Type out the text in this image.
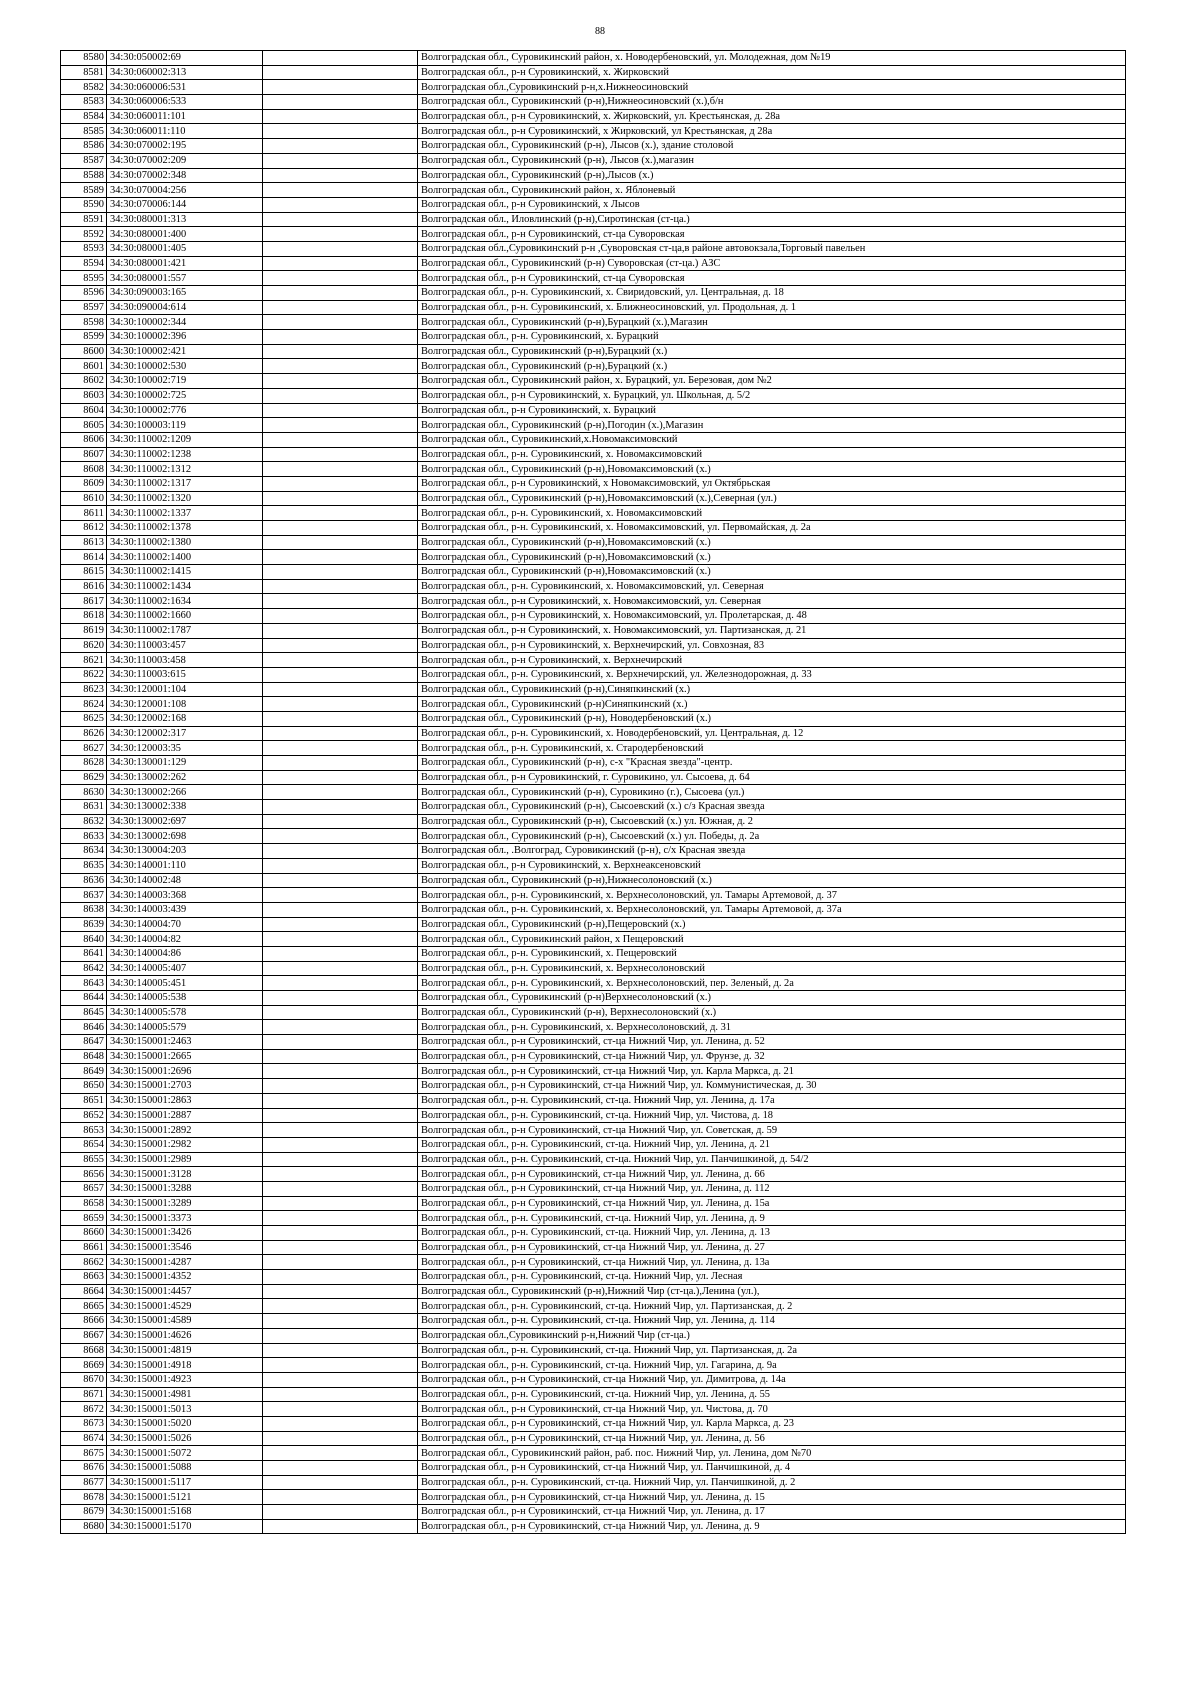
88
8580	34:30:050002:69		Волгоградская обл., Суровикинский район, х. Новодербеновский, ул. Молодежная, дом №19
8581	34:30:060002:313		Волгоградская обл., р-н Суровикинский, х. Жирковский
8582	34:30:060006:531		Волгоградская обл.,Суровикинский р-н,х.Нижнеосиновский
8583	34:30:060006:533		Волгоградская обл., Суровикинский (р-н),Нижнеосиновский (х.),б/н
8584	34:30:060011:101		Волгоградская обл., р-н Суровикинский, х. Жирковский, ул. Крестьянская, д. 28а
8585	34:30:060011:110		Волгоградская обл., р-н Суровикинский, х Жирковский, ул Крестьянская, д 28а
8586	34:30:070002:195		Волгоградская обл., Суровикинский (р-н), Лысов (х.), здание столовой
8587	34:30:070002:209		Волгоградская обл., Суровикинский (р-н), Лысов (х.),магазин
8588	34:30:070002:348		Волгоградская обл., Суровикинский (р-н),Лысов (х.)
8589	34:30:070004:256		Волгоградская обл., Суровикинский район, х. Яблоневый
8590	34:30:070006:144		Волгоградская обл., р-н Суровикинский, х Лысов
8591	34:30:080001:313		Волгоградская обл., Иловлинский (р-н),Сиротинская (ст-ца.)
8592	34:30:080001:400		Волгоградская обл., р-н Суровикинский, ст-ца Суворовская
8593	34:30:080001:405		Волгоградская обл.,Суровикинский р-н ,Суворовская ст-ца,в районе автовокзала,Торговый павельен
8594	34:30:080001:421		Волгоградская обл., Суровикинский (р-н) Суворовская (ст-ца.) АЗС
8595	34:30:080001:557		Волгоградская обл., р-н Суровикинский, ст-ца Суворовская
8596	34:30:090003:165		Волгоградская обл., р-н. Суровикинский, х. Свиридовский, ул. Центральная, д. 18
8597	34:30:090004:614		Волгоградская обл., р-н. Суровикинский, х. Ближнеосиновский, ул. Продольная, д. 1
8598	34:30:100002:344		Волгоградская обл., Суровикинский (р-н),Бурацкий (х.),Магазин
8599	34:30:100002:396		Волгоградская обл., р-н. Суровикинский, х. Бурацкий
8600	34:30:100002:421		Волгоградская обл., Суровикинский (р-н),Бурацкий (х.)
8601	34:30:100002:530		Волгоградская обл., Суровикинский (р-н),Бурацкий (х.)
8602	34:30:100002:719		Волгоградская обл., Суровикинский район, х. Бурацкий, ул. Березовая, дом №2
8603	34:30:100002:725		Волгоградская обл., р-н Суровикинский, х. Бурацкий, ул. Школьная, д. 5/2
8604	34:30:100002:776		Волгоградская обл., р-н Суровикинский, х. Бурацкий
8605	34:30:100003:119		Волгоградская обл., Суровикинский (р-н),Погодин (х.),Магазин
8606	34:30:110002:1209		Волгоградская обл., Суровикинский,х.Новомаксимовский
8607	34:30:110002:1238		Волгоградская обл., р-н. Суровикинский, х. Новомаксимовский
8608	34:30:110002:1312		Волгоградская обл., Суровикинский (р-н),Новомаксимовский (х.)
8609	34:30:110002:1317		Волгоградская обл., р-н Суровикинский, х Новомаксимовский, ул Октябрьская
8610	34:30:110002:1320		Волгоградская обл., Суровикинский (р-н),Новомаксимовский (х.),Северная (ул.)
8611	34:30:110002:1337		Волгоградская обл., р-н. Суровикинский, х. Новомаксимовский
8612	34:30:110002:1378		Волгоградская обл., р-н. Суровикинский, х. Новомаксимовский, ул. Первомайская, д. 2а
8613	34:30:110002:1380		Волгоградская обл., Суровикинский (р-н),Новомаксимовский (х.)
8614	34:30:110002:1400		Волгоградская обл., Суровикинский (р-н),Новомаксимовский (х.)
8615	34:30:110002:1415		Волгоградская обл., Суровикинский (р-н),Новомаксимовский (х.)
8616	34:30:110002:1434		Волгоградская обл., р-н. Суровикинский, х. Новомаксимовский, ул. Северная
8617	34:30:110002:1634		Волгоградская обл., р-н Суровикинский, х. Новомаксимовский, ул. Северная
8618	34:30:110002:1660		Волгоградская обл., р-н Суровикинский, х. Новомаксимовский, ул. Пролетарская, д. 48
8619	34:30:110002:1787		Волгоградская обл., р-н Суровикинский, х. Новомаксимовский, ул. Партизанская, д. 21
8620	34:30:110003:457		Волгоградская обл., р-н Суровикинский, х. Верхнечирский, ул. Совхозная, 83
8621	34:30:110003:458		Волгоградская обл., р-н Суровикинский, х. Верхнечирский
8622	34:30:110003:615		Волгоградская обл., р-н. Суровикинский, х. Верхнечирский, ул. Железнодорожная, д. 33
8623	34:30:120001:104		Волгоградская обл., Суровикинский (р-н),Синяпкинский (х.)
8624	34:30:120001:108		Волгоградская обл., Суровикинский (р-н)Синяпкинский (х.)
8625	34:30:120002:168		Волгоградская обл., Суровикинский (р-н), Новодербеновский (х.)
8626	34:30:120002:317		Волгоградская обл., р-н. Суровикинский, х. Новодербеновский, ул. Центральная, д. 12
8627	34:30:120003:35		Волгоградская обл., р-н. Суровикинский, х. Стародербеновский
8628	34:30:130001:129		Волгоградская обл., Суровикинский (р-н), с-х "Красная звезда"-центр.
8629	34:30:130002:262		Волгоградская обл., р-н Суровикинский, г. Суровикино, ул. Сысоева, д. 64
8630	34:30:130002:266		Волгоградская обл., Суровикинский (р-н), Суровикино (г.), Сысоева (ул.)
8631	34:30:130002:338		Волгоградская обл., Суровикинский (р-н), Сысоевский (х.) с/з Красная звезда
8632	34:30:130002:697		Волгоградская обл., Суровикинский (р-н), Сысоевский (х.) ул. Южная, д. 2
8633	34:30:130002:698		Волгоградская обл., Суровикинский (р-н), Сысоевский (х.) ул. Победы, д. 2а
8634	34:30:130004:203		Волгоградская обл., .Волгоград, Суровикинский (р-н), с/х Красная звезда
8635	34:30:140001:110		Волгоградская обл., р-н Суровикинский, х. Верхнеаксеновский
8636	34:30:140002:48		Волгоградская обл., Суровикинский (р-н),Нижнесолоновский (х.)
8637	34:30:140003:368		Волгоградская обл., р-н. Суровикинский, х. Верхнесолоновский, ул. Тамары Артемовой, д. 37
8638	34:30:140003:439		Волгоградская обл., р-н. Суровикинский, х. Верхнесолоновский, ул. Тамары Артемовой, д. 37а
8639	34:30:140004:70		Волгоградская обл., Суровикинский (р-н),Пещеровский (х.)
8640	34:30:140004:82		Волгоградская обл., Суровикинский район, х Пещеровский
8641	34:30:140004:86		Волгоградская обл., р-н. Суровикинский, х. Пещеровский
8642	34:30:140005:407		Волгоградская обл., р-н. Суровикинский, х. Верхнесолоновский
8643	34:30:140005:451		Волгоградская обл., р-н. Суровикинский, х. Верхнесолоновский, пер. Зеленый, д. 2а
8644	34:30:140005:538		Волгоградская обл., Суровикинский (р-н)Верхнесолоновский (х.)
8645	34:30:140005:578		Волгоградская обл., Суровикинский (р-н), Верхнесолоновский (х.)
8646	34:30:140005:579		Волгоградская обл., р-н. Суровикинский, х. Верхнесолоновский, д. 31
8647	34:30:150001:2463		Волгоградская обл., р-н Суровикинский, ст-ца Нижний Чир, ул. Ленина, д. 52
8648	34:30:150001:2665		Волгоградская обл., р-н Суровикинский, ст-ца Нижний Чир, ул. Фрунзе, д. 32
8649	34:30:150001:2696		Волгоградская обл., р-н Суровикинский, ст-ца Нижний Чир, ул. Карла Маркса, д. 21
8650	34:30:150001:2703		Волгоградская обл., р-н Суровикинский, ст-ца Нижний Чир, ул. Коммунистическая, д. 30
8651	34:30:150001:2863		Волгоградская обл., р-н. Суровикинский, ст-ца. Нижний Чир, ул. Ленина, д. 17а
8652	34:30:150001:2887		Волгоградская обл., р-н. Суровикинский, ст-ца. Нижний Чир, ул. Чистова, д. 18
8653	34:30:150001:2892		Волгоградская обл., р-н Суровикинский, ст-ца Нижний Чир, ул. Советская, д. 59
8654	34:30:150001:2982		Волгоградская обл., р-н. Суровикинский, ст-ца. Нижний Чир, ул. Ленина, д. 21
8655	34:30:150001:2989		Волгоградская обл., р-н. Суровикинский, ст-ца. Нижний Чир, ул. Панчишкиной, д. 54/2
8656	34:30:150001:3128		Волгоградская обл., р-н Суровикинский, ст-ца Нижний Чир, ул. Ленина, д. 66
8657	34:30:150001:3288		Волгоградская обл., р-н Суровикинский, ст-ца Нижний Чир, ул. Ленина, д. 112
8658	34:30:150001:3289		Волгоградская обл., р-н Суровикинский, ст-ца Нижний Чир, ул. Ленина, д. 15а
8659	34:30:150001:3373		Волгоградская обл., р-н. Суровикинский, ст-ца. Нижний Чир, ул. Ленина, д. 9
8660	34:30:150001:3426		Волгоградская обл., р-н. Суровикинский, ст-ца. Нижний Чир, ул. Ленина, д. 13
8661	34:30:150001:3546		Волгоградская обл., р-н Суровикинский, ст-ца Нижний Чир, ул. Ленина, д. 27
8662	34:30:150001:4287		Волгоградская обл., р-н Суровикинский, ст-ца Нижний Чир, ул. Ленина, д. 13а
8663	34:30:150001:4352		Волгоградская обл., р-н. Суровикинский, ст-ца. Нижний Чир, ул. Лесная
8664	34:30:150001:4457		Волгоградская обл., Суровикинский (р-н),Нижний Чир (ст-ца.),Ленина (ул.),
8665	34:30:150001:4529		Волгоградская обл., р-н. Суровикинский, ст-ца. Нижний Чир, ул. Партизанская, д. 2
8666	34:30:150001:4589		Волгоградская обл., р-н. Суровикинский, ст-ца. Нижний Чир, ул. Ленина, д. 114
8667	34:30:150001:4626		Волгоградская обл.,Суровикинский р-н,Нижний Чир (ст-ца.)
8668	34:30:150001:4819		Волгоградская обл., р-н. Суровикинский, ст-ца. Нижний Чир, ул. Партизанская, д. 2а
8669	34:30:150001:4918		Волгоградская обл., р-н. Суровикинский, ст-ца. Нижний Чир, ул. Гагарина, д. 9а
8670	34:30:150001:4923		Волгоградская обл., р-н Суровикинский, ст-ца Нижний Чир, ул. Димитрова, д. 14а
8671	34:30:150001:4981		Волгоградская обл., р-н. Суровикинский, ст-ца. Нижний Чир, ул. Ленина, д. 55
8672	34:30:150001:5013		Волгоградская обл., р-н Суровикинский, ст-ца Нижний Чир, ул. Чистова, д. 70
8673	34:30:150001:5020		Волгоградская обл., р-н Суровикинский, ст-ца Нижний Чир, ул. Карла Маркса, д. 23
8674	34:30:150001:5026		Волгоградская обл., р-н Суровикинский, ст-ца Нижний Чир, ул. Ленина, д. 56
8675	34:30:150001:5072		Волгоградская обл., Суровикинский район, раб. пос. Нижний Чир, ул. Ленина, дом №70
8676	34:30:150001:5088		Волгоградская обл., р-н Суровикинский, ст-ца Нижний Чир, ул. Панчишкиной, д. 4
8677	34:30:150001:5117		Волгоградская обл., р-н. Суровикинский, ст-ца. Нижний Чир, ул. Панчишкиной, д. 2
8678	34:30:150001:5121		Волгоградская обл., р-н Суровикинский, ст-ца Нижний Чир, ул. Ленина, д. 15
8679	34:30:150001:5168		Волгоградская обл., р-н Суровикинский, ст-ца Нижний Чир, ул. Ленина, д. 17
8680	34:30:150001:5170		Волгоградская обл., р-н Суровикинский, ст-ца Нижний Чир, ул. Ленина, д. 9
